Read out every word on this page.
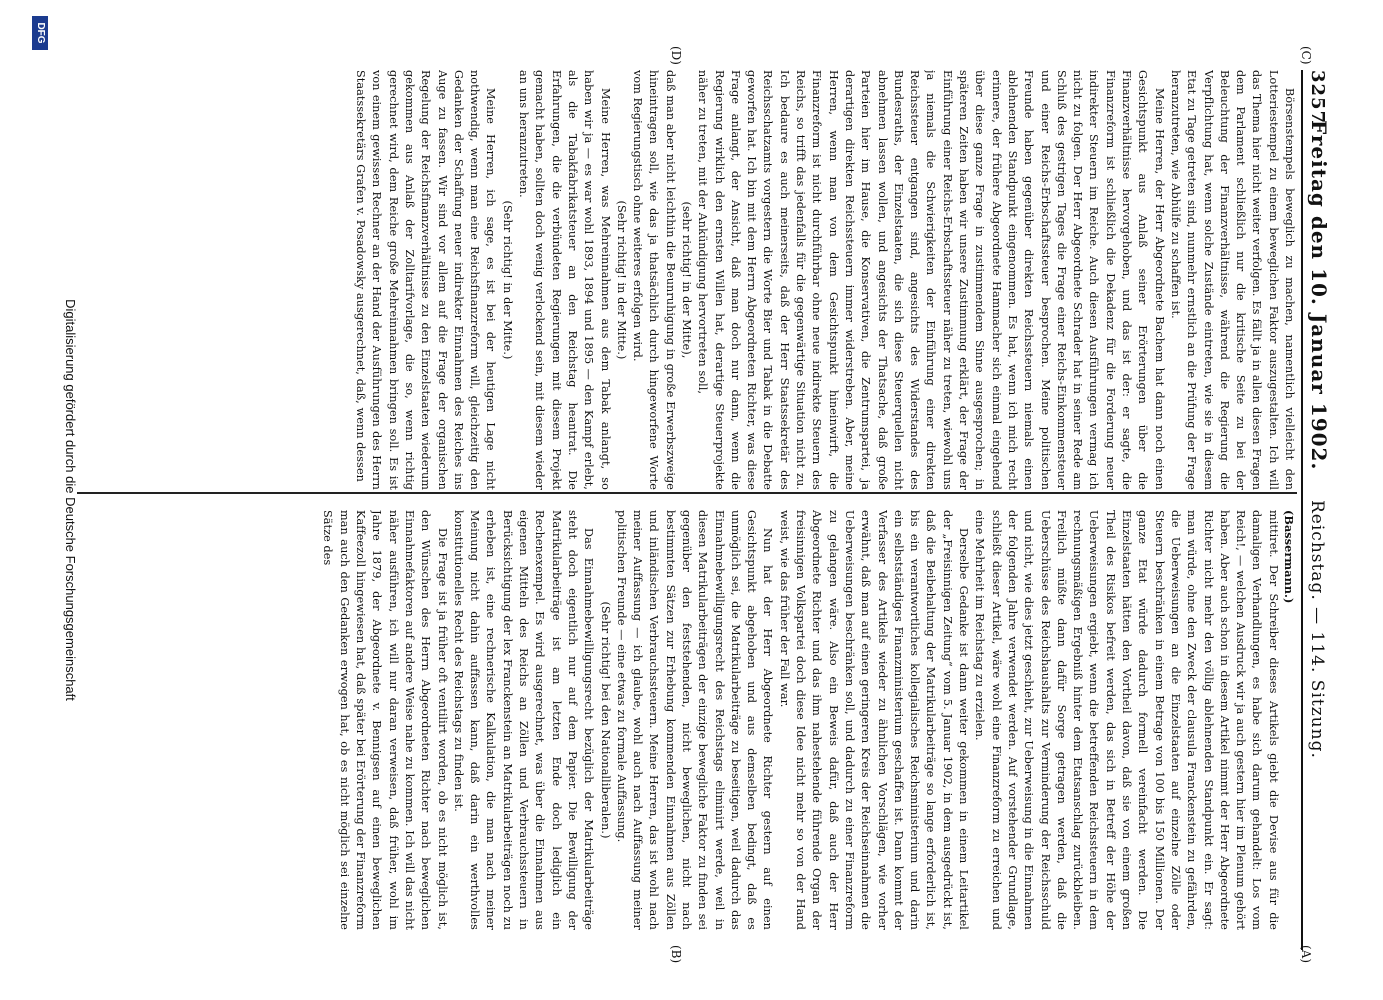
3257
Freitag den 10. Januar 1902.
Reichstag. — 114. Sitzung.
(C)
(D)
(A)
(B)

Börsenstempels beweglich zu machen, namentlich vielleicht den Lotteriestempel zu einem beweglichen Faktor auszugestalten. Ich will das Thema hier nicht weiter verfolgen. Es fällt ja in allen diesen Fragen dem Parlament schließlich nur die kritische Seite zu bei der Beleuchtung der Finanzverhältnisse, während die Regierung die Verpflichtung hat, wenn solche Zustände eintreten, wie sie in diesem Etat zu Tage getreten sind, nunmehr ernstlich an die Prüfung der Frage heranzutreten, wie Abhülfe zu schaffen ist.

Meine Herren, der Herr Abgeordnete Bachem hat dann noch einen Gesichtspunkt aus Anlaß seiner Erörterungen über die Finanzverhältnisse hervorgehoben, und das ist der: er sagte, die Finanzreform ist schließlich die Dekadenz für die Forderung neuer indirekter Steuern im Reiche. Auch diesen Ausführungen vermag ich nicht zu folgen. Der Herr Abgeordnete Schrader hat in seiner Rede am Schluß des gestrigen Tages die Frage einer Reichs-Einkommensteuer und einer Reichs-Erbschaftssteuer besprochen. Meine politischen Freunde haben gegenüber direkten Reichssteuern niemals einen ablehnenden Standpunkt eingenommen. Es hat, wenn ich mich recht erinnere, der frühere Abgeordnete Hammacher sich einmal eingehend über diese ganze Frage in zustimmendem Sinne ausgesprochen; in späteren Zeiten haben wir unsere Zustimmung erklärt, der Frage der Einführung einer Reichs-Erbschaftssteuer näher zu treten, wiewohl uns ja niemals die Schwierigkeiten der Einführung einer direkten Reichssteuer entgangen sind, angesichts des Widerstandes des Bundesraths, der Einzelstaaten, die sich diese Steuerquellen nicht abnehmen lassen wollen, und angesichts der Thatsache, daß große Parteien hier im Hause, die Konservativen, die Zentrumspartei, ja derartigen direkten Reichssteuern immer widerstreben. Aber, meine Herren, wenn man von dem Gesichtspunkt hineinwirft, die Finanzreform ist nicht durchführbar ohne neue indirekte Steuern des Reichs, so trifft das jedenfalls für die gegenwärtige Situation nicht zu. Ich bedaure es auch meinerseits, daß der Herr Staatssekretär des Reichsschatzamts vorgestern die Worte Bier und Tabak in die Debatte geworfen hat. Ich bin mit dem Herrn Abgeordneten Richter, was diese Frage anlangt, der Ansicht, daß man doch nur dann, wenn die Regierung wirklich den ernsten Willen hat, derartige Steuerprojekte näher zu treten, mit der Ankündigung hervortreten soll,

(sehr richtig! in der Mitte),

daß man aber nicht leichthin die Beunruhigung in große Erwerbszweige hineintragen soll, wie das ja thatsächlich durch hingeworfene Worte vom Regierungstisch ohne weiteres erfolgen wird.

(Sehr richtig! in der Mitte.)

Meine Herren, was Mehreinnahmen aus dem Tabak anlangt, so haben wir ja — es war wohl 1893, 1894 und 1895 — den Kampf erlebt, als die Tabakfabrikatsteuer an den Reichstag heantrat. Die Erfahrungen, die die verbündeten Regierungen mit diesem Projekt gemacht haben, sollten doch wenig verlockend sein, mit diesem wieder an uns heranzutreten.

(Sehr richtig! in der Mitte.)

Meine Herren, ich sage, es ist bei der heutigen Lage nicht nothwendig, wenn man eine Reichsfinanzreform will, gleichzeitig den Gedanken der Schaffung neuer indirekter Einnahmen des Reiches ins Auge zu fassen. Wir sind vor allem auf die Frage der organischen Regelung der Reichsfinanzverhältnisse zu den Einzelstaaten wiederum gekommen aus Anlaß der Zolltarifvorlage, die so, wenn richtig gerechnet wird, dem Reiche große Mehreinnahmen bringen soll. Es ist von einem gewissen Rechner an der Hand der Ausführungen des Herrn Staatssekretärs Grafen v. Posadowsky ausgerechnet, daß, wenn dessen

(Bassermann.)

mittiret. Der Schreiber dieses Artikels giebt die Devise aus für die damaligen Verhandlungen, es habe sich darum gehandelt: Los vom Reich!, — welchen Ausdruck wir ja auch gestern hier im Plenum gehört haben. Aber auch schon in diesem Artikel nimmt der Herr Abgeordnete Richter nicht mehr den völlig ablehnenden Standpunkt ein. Er sagt: man würde, ohne den Zweck der clausula Franckenstein zu gefährden, die Ueberweisungen an die Einzelstaaten auf einzelne Zölle oder Steuern beschränken in einem Betrage von 100 bis 150 Millionen. Der ganze Etat würde dadurch formell vereinfacht werden. Die Einzelstaaten hätten den Vortheil davon, daß sie von einem großen Theil des Risikos befreit werden, das sich in Betreff der Höhe der Ueberweisungen ergiebt, wenn die betreffenden Reichssteuern in dem rechnungsmäßigen Ergebniß hinter dem Etatsanschlag zurückbleiben. Freilich müßte dann dafür Sorge getragen werden, daß die Ueberschüsse des Reichshaushalts zur Verminderung der Reichsschuld und nicht, wie dies jetzt geschieht, zur Ueberweisung in die Einnahmen der folgenden Jahre verwendet werden. Auf vorstehender Grundlage, schließt dieser Artikel, wäre wohl eine Finanzreform zu erreichen und eine Mehrheit im Reichstag zu erzielen.

Derselbe Gedanke ist dann weiter gekommen in einem Leitartikel der „Freisinnigen Zeitung“ vom 5. Januar 1902, in dem ausgedrückt ist, daß die Beibehaltung der Matrikularbeiträge so lange erforderlich ist, bis ein verantwortliches kollegialisches Reichsministerium und darin ein selbstständiges Finanzministerium geschaffen ist. Dann kommt der Verfasser des Artikels wieder zu ähnlichen Vorschlägen, wie vorher erwähnt, daß man auf einen geringeren Kreis der Reichseinnahmen die Ueberweisungen beschränken soll, und dadurch zu einer Finanzreform zu gelangen wäre. Also ein Beweis dafür, daß auch der Herr Abgeordnete Richter und das ihm nahestehende führende Organ der freisinnigen Volkspartei doch diese Idee nicht mehr so von der Hand weist, wie das früher der Fall war.

Nun hat der Herr Abgeordnete Richter gestern auf einen Gesichtspunkt abgehoben und aus demselben bedingt, daß es unmöglich sei, die Matrikularbeiträge zu beseitigen, weil dadurch das Einnahmebewilligungsrecht des Reichstags eliminirt werde, weil in diesen Matrikularbeiträgen der einzige bewegliche Faktor zu finden sei gegenüber den feststehenden, nicht beweglichen, nicht nach bestimmten Sätzen zur Erhebung kommenden Einnahmen aus Zöllen und inländischen Verbrauchssteuern. Meine Herren, das ist wohl nach meiner Auffassung — ich glaube, wohl auch nach Auffassung meiner politischen Freunde — eine etwas zu formale Auffassung.

(Sehr richtig! bei den Nationalliberalen.)

Das Einnahmebewilligungsrecht bezüglich der Matrikularbeiträge steht doch eigentlich nur auf dem Papier. Die Bewilligung der Matrikularbeiträge ist am letzten Ende doch lediglich ein Rechenexempel. Es wird ausgerechnet, was über die Einnahmen aus eigenen Mitteln des Reichs an Zöllen und Verbrauchssteuern in Berücksichtigung der lex Franckenstein an Matrikularbeiträgen noch zu erheben ist, eine rechnerische Kalkulation, die man nach meiner Meinung nicht dahin auffassen kann, daß darin ein werthvolles konstitutionelles Recht des Reichstags zu finden ist.

Die Frage ist ja früher oft ventilirt worden, ob es nicht möglich ist, den Wünschen des Herrn Abgeordneten Richter nach beweglichen Einnahmefaktoren auf andere Weise nahe zu kommen. Ich will das nicht näher ausführen, ich will nur daran verweisen, daß früher, wohl im Jahre 1879, der Abgeordnete v. Bennigsen auf einen beweglichen Kaffeezoll hingewiesen hat, daß später bei Erörterung der Finanzreform man auch den Gedanken erwogen hat, ob es nicht möglich sei einzelne Sätze des

Digitalisierung gefördert durch die Deutsche Forschungsgemeinschaft
DFG
